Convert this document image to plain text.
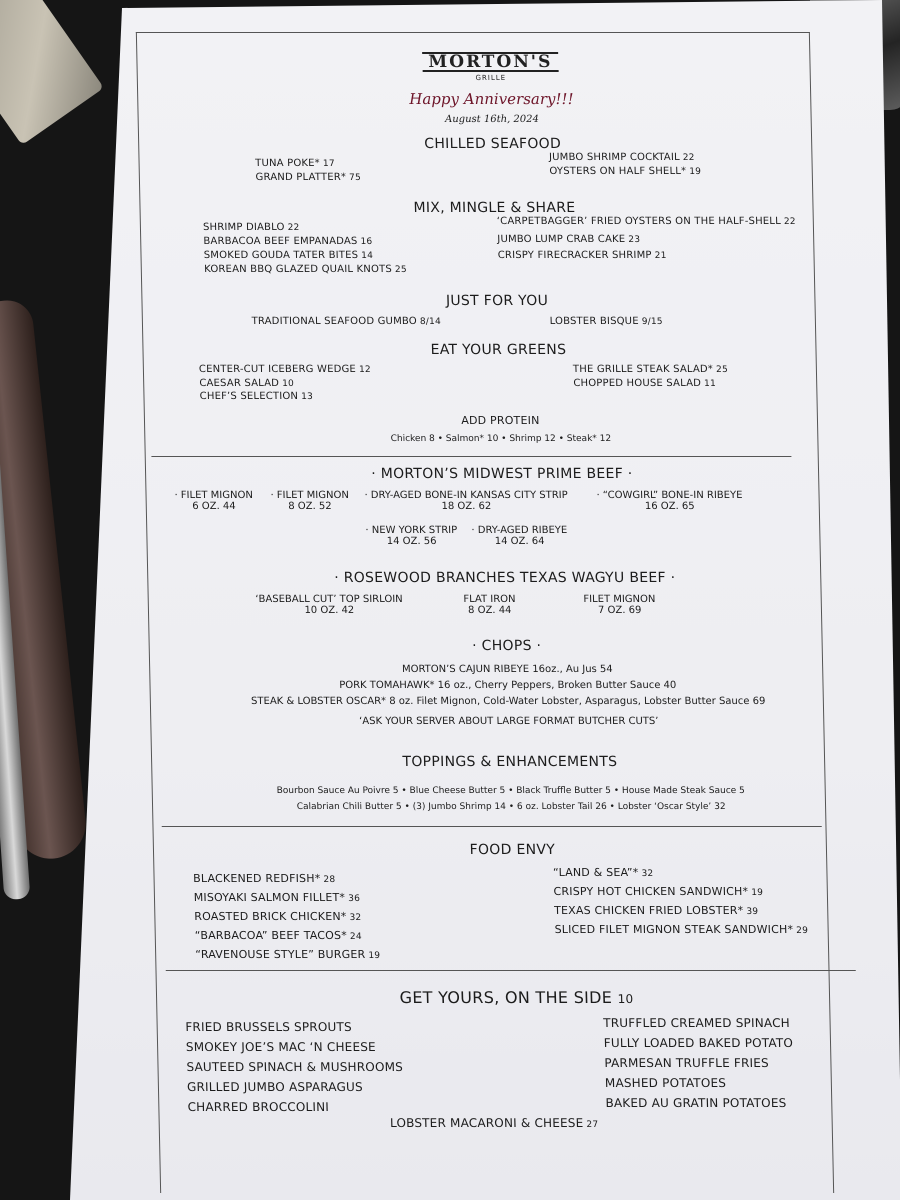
MORTON'S
GRILLE
Happy Anniversary!!!
August 16th, 2024
CHILLED SEAFOOD
TUNA POKE* 17
GRAND PLATTER* 75
JUMBO SHRIMP COCKTAIL 22
OYSTERS ON HALF SHELL* 19
MIX, MINGLE & SHARE
SHRIMP DIABLO 22
BARBACOA BEEF EMPANADAS 16
SMOKED GOUDA TATER BITES 14
KOREAN BBQ GLAZED QUAIL KNOTS 25
‘CARPETBAGGER’ FRIED OYSTERS ON THE HALF-SHELL 22
JUMBO LUMP CRAB CAKE 23
CRISPY FIRECRACKER SHRIMP 21
JUST FOR YOU
TRADITIONAL SEAFOOD GUMBO 8/14	LOBSTER BISQUE 9/15
EAT YOUR GREENS
CENTER-CUT ICEBERG WEDGE 12
CAESAR SALAD 10
CHEF’S SELECTION 13
THE GRILLE STEAK SALAD* 25
CHOPPED HOUSE SALAD 11
ADD PROTEIN
Chicken 8 • Salmon* 10 • Shrimp 12 • Steak* 12
· MORTON’S MIDWEST PRIME BEEF ·
· FILET MIGNON
6 OZ. 44
· FILET MIGNON
8 OZ. 52
· DRY-AGED BONE-IN KANSAS CITY STRIP
18 OZ. 62
· “COWGIRL” BONE-IN RIBEYE
16 OZ. 65
· NEW YORK STRIP
14 OZ. 56
· DRY-AGED RIBEYE
14 OZ. 64
· ROSEWOOD BRANCHES TEXAS WAGYU BEEF ·
‘BASEBALL CUT’ TOP SIRLOIN
10 OZ. 42
FLAT IRON
8 OZ. 44
FILET MIGNON
7 OZ. 69
· CHOPS ·
MORTON’S CAJUN RIBEYE 16oz., Au Jus 54
PORK TOMAHAWK* 16 oz., Cherry Peppers, Broken Butter Sauce 40
STEAK & LOBSTER OSCAR* 8 oz. Filet Mignon, Cold-Water Lobster, Asparagus, Lobster Butter Sauce 69
‘ASK YOUR SERVER ABOUT LARGE FORMAT BUTCHER CUTS’
TOPPINGS & ENHANCEMENTS
Bourbon Sauce Au Poivre 5 • Blue Cheese Butter 5 • Black Truffle Butter 5 • House Made Steak Sauce 5
Calabrian Chili Butter 5 • (3) Jumbo Shrimp 14 • 6 oz. Lobster Tail 26 • Lobster ‘Oscar Style’ 32
FOOD ENVY
BLACKENED REDFISH* 28
MISOYAKI SALMON FILLET* 36
ROASTED BRICK CHICKEN* 32
“BARBACOA” BEEF TACOS* 24
“RAVENOUSE STYLE” BURGER 19
“LAND & SEA”* 32
CRISPY HOT CHICKEN SANDWICH* 19
TEXAS CHICKEN FRIED LOBSTER* 39
SLICED FILET MIGNON STEAK SANDWICH* 29
GET YOURS, ON THE SIDE 10
FRIED BRUSSELS SPROUTS
SMOKEY JOE’S MAC ‘N CHEESE
SAUTEED SPINACH & MUSHROOMS
GRILLED JUMBO ASPARAGUS
CHARRED BROCCOLINI
TRUFFLED CREAMED SPINACH
FULLY LOADED BAKED POTATO
PARMESAN TRUFFLE FRIES
MASHED POTATOES
BAKED AU GRATIN POTATOES
LOBSTER MACARONI & CHEESE 27
